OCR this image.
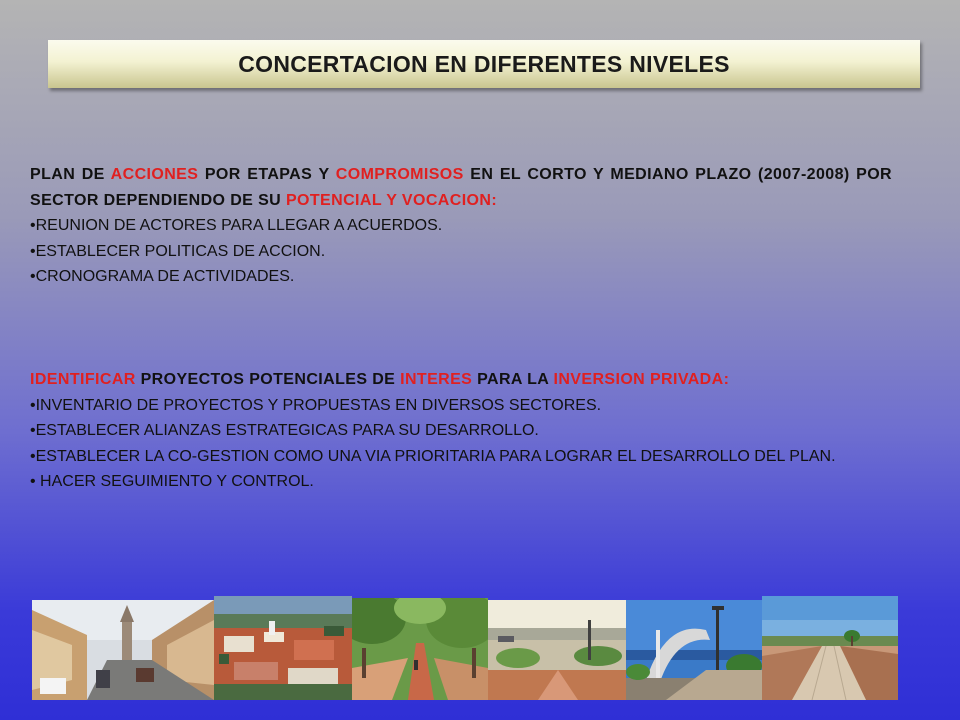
CONCERTACION EN DIFERENTES NIVELES
PLAN DE ACCIONES POR ETAPAS Y COMPROMISOS EN EL CORTO Y MEDIANO PLAZO (2007-2008) POR SECTOR DEPENDIENDO DE SU POTENCIAL Y VOCACION:
•REUNION DE ACTORES PARA LLEGAR A ACUERDOS.
•ESTABLECER POLITICAS DE ACCION.
•CRONOGRAMA DE ACTIVIDADES.
IDENTIFICAR PROYECTOS POTENCIALES DE INTERES PARA LA INVERSION PRIVADA:
•INVENTARIO DE PROYECTOS Y PROPUESTAS EN DIVERSOS SECTORES.
•ESTABLECER ALIANZAS ESTRATEGICAS PARA SU DESARROLLO.
•ESTABLECER LA CO-GESTION COMO UNA VIA PRIORITARIA PARA LOGRAR EL DESARROLLO DEL PLAN.
• HACER SEGUIMIENTO Y CONTROL.
